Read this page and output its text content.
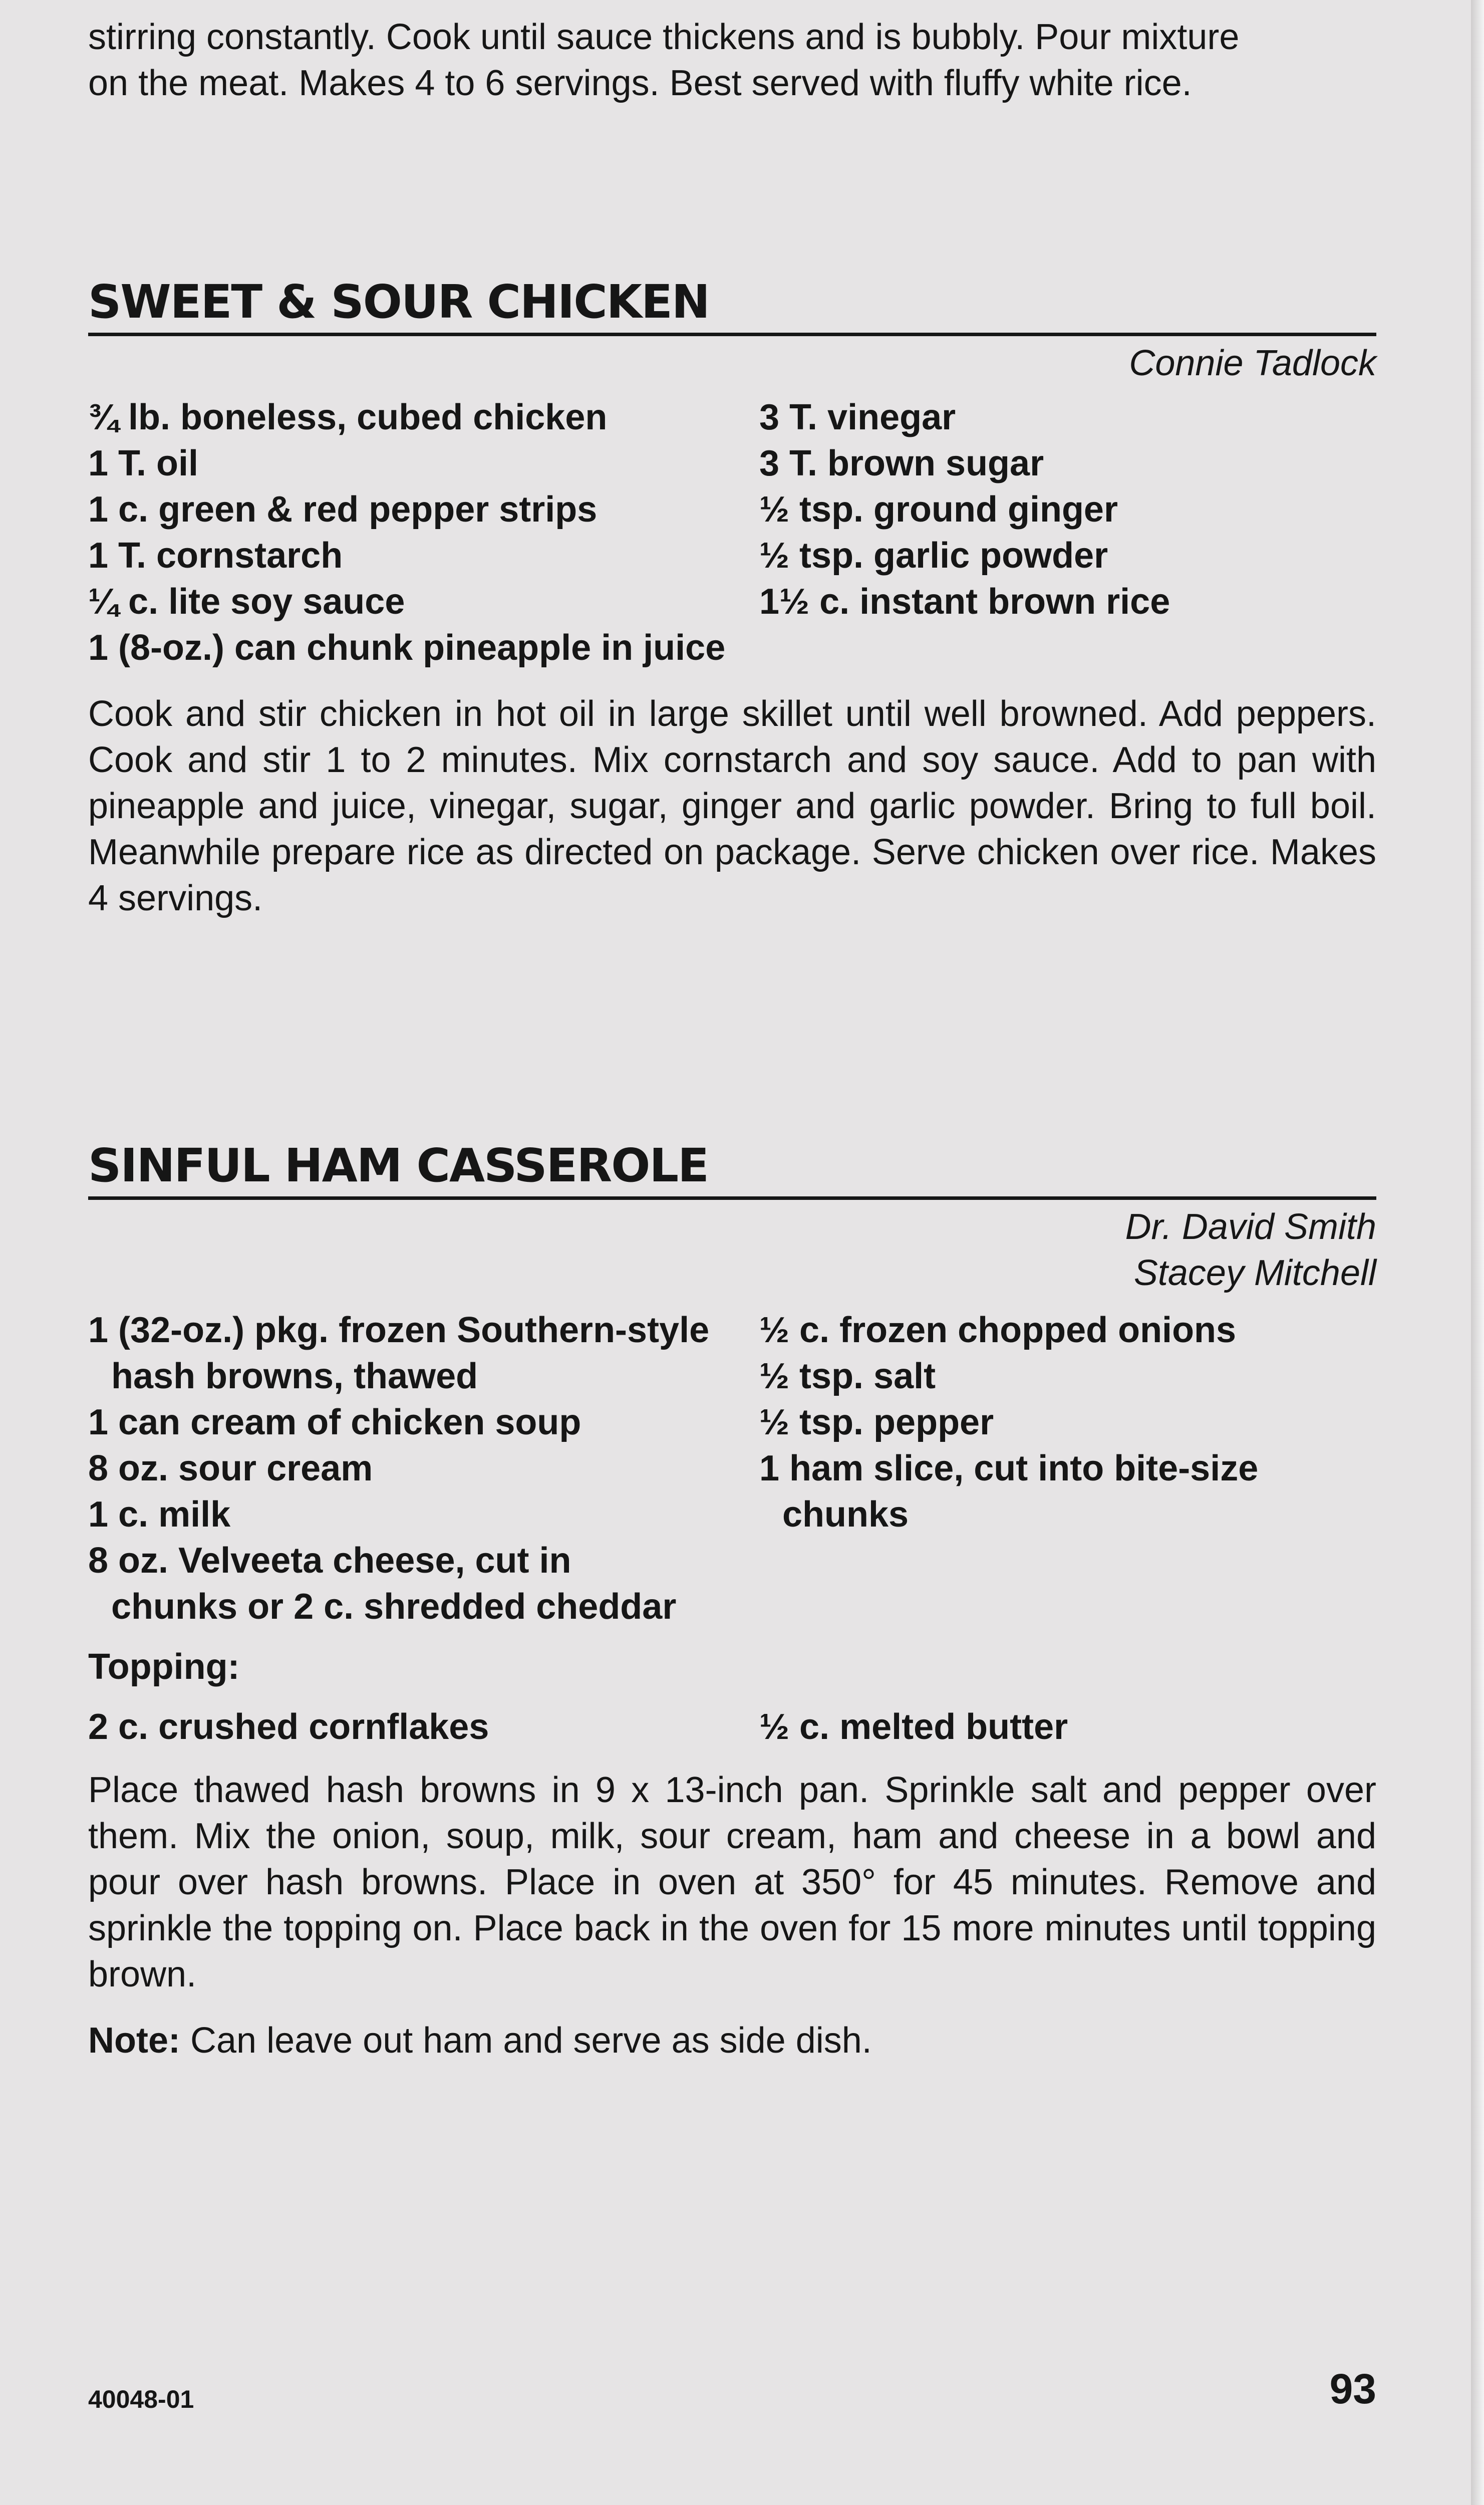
stirring constantly. Cook until sauce thickens and is bubbly. Pour mixture

on the meat. Makes 4 to 6 servings. Best served with fluffy white rice.

SWEET & SOUR CHICKEN

Connie Tadlock

¾ lb. boneless, cubed chicken
1 T. oil
1 c. green & red pepper strips
1 T. cornstarch
¼ c. lite soy sauce
1 (8-oz.) can chunk pineapple in juice
3 T. vinegar
3 T. brown sugar
½ tsp. ground ginger
½ tsp. garlic powder
1½ c. instant brown rice

Cook and stir chicken in hot oil in large skillet until well browned. Add peppers. Cook and stir 1 to 2 minutes. Mix cornstarch and soy sauce. Add to pan with pineapple and juice, vinegar, sugar, ginger and garlic powder. Bring to full boil. Meanwhile prepare rice as directed on package. Serve chicken over rice. Makes 4 servings.

SINFUL HAM CASSEROLE

Dr. David Smith

Stacey Mitchell

1 (32-oz.) pkg. frozen Southern-style hash browns, thawed
1 can cream of chicken soup
8 oz. sour cream
1 c. milk
8 oz. Velveeta cheese, cut in chunks or 2 c. shredded cheddar
½ c. frozen chopped onions
½ tsp. salt
½ tsp. pepper
1 ham slice, cut into bite-size chunks

Topping:

2 c. crushed cornflakes	½ c. melted butter

Place thawed hash browns in 9 x 13-inch pan. Sprinkle salt and pepper over them. Mix the onion, soup, milk, sour cream, ham and cheese in a bowl and pour over hash browns. Place in oven at 350° for 45 minutes. Remove and sprinkle the topping on. Place back in the oven for 15 more minutes until topping brown.

Note: Can leave out ham and serve as side dish.

40048-01	93
